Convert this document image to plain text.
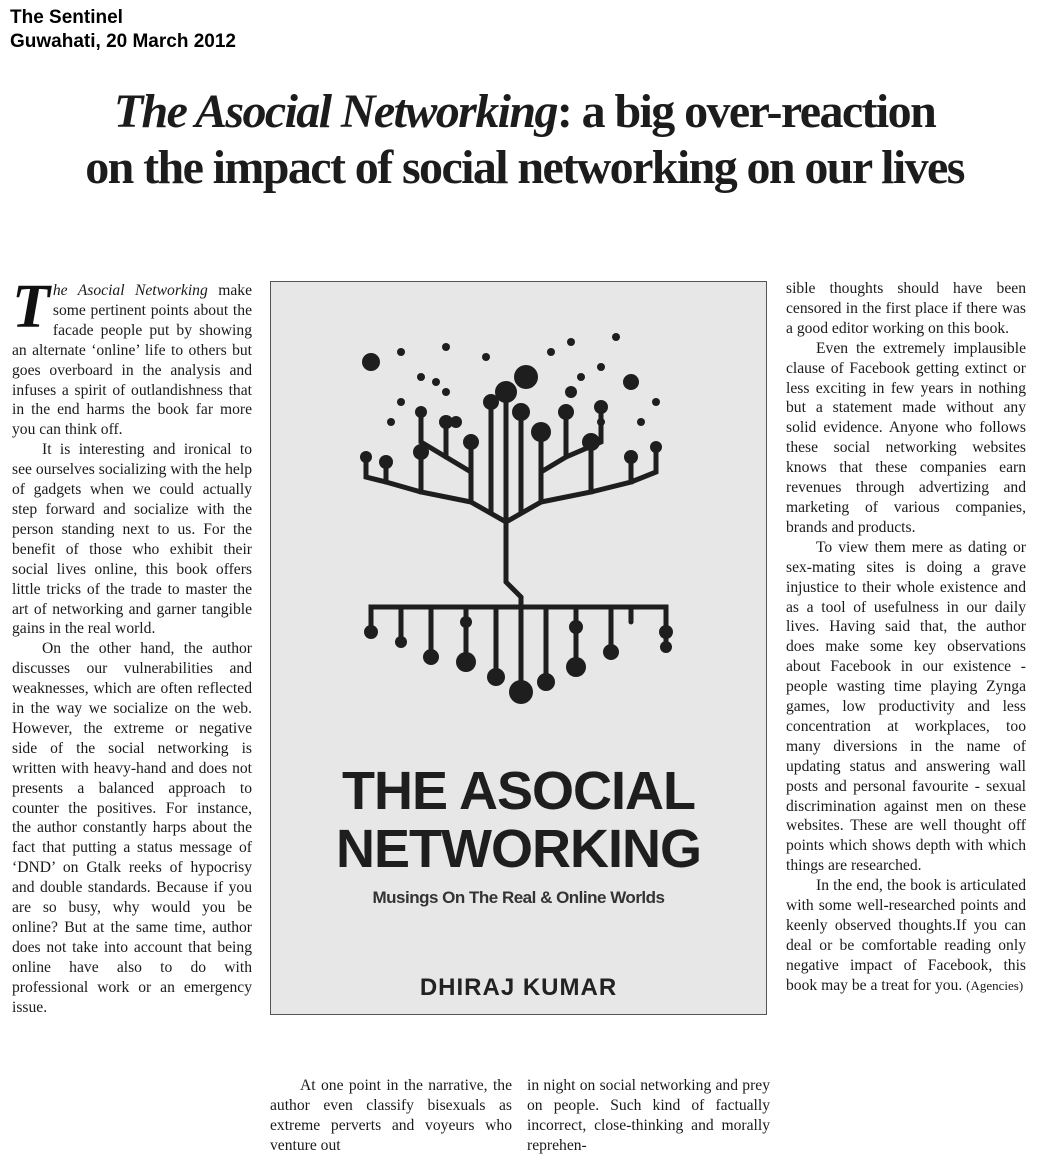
The Sentinel
Guwahati, 20 March 2012
The Asocial Networking: a big over-reaction
on the impact of social networking on our lives

The Asocial Networking make some pertinent points about the facade people put by showing an alternate ‘online’ life to others but goes overboard in the analysis and infuses a spirit of outlandishness that in the end harms the book far more you can think off.

It is interesting and ironical to see ourselves socializing with the help of gadgets when we could actually step forward and socialize with the person standing next to us. For the benefit of those who exhibit their social lives online, this book offers little tricks of the trade to master the art of networking and garner tangible gains in the real world.

On the other hand, the author discusses our vulnerabilities and weaknesses, which are often reflected in the way we socialize on the web. However, the extreme or negative side of the social networking is written with heavy-hand and does not presents a balanced approach to counter the positives. For instance, the author constantly harps about the fact that putting a status message of ‘DND’ on Gtalk reeks of hypocrisy and double standards. Because if you are so busy, why would you be online? But at the same time, author does not take into account that being online have also to do with professional work or an emergency issue.

THE ASOCIAL
NETWORKING
Musings On The Real & Online Worlds
DHIRAJ KUMAR

At one point in the narrative, the author even classify bisexuals as extreme perverts and voyeurs who venture out

in night on social networking and prey on people. Such kind of factually incorrect, close-thinking and morally reprehen-

sible thoughts should have been censored in the first place if there was a good editor working on this book.

Even the extremely implausible clause of Facebook getting extinct or less exciting in few years in nothing but a statement made without any solid evidence. Anyone who follows these social networking websites knows that these companies earn revenues through advertizing and marketing of various companies, brands and products.

To view them mere as dating or sex-mating sites is doing a grave injustice to their whole existence and as a tool of usefulness in our daily lives. Having said that, the author does make some key observations about Facebook in our existence - people wasting time playing Zynga games, low productivity and less concentration at workplaces, too many diversions in the name of updating status and answering wall posts and personal favourite - sexual discrimination against men on these websites. These are well thought off points which shows depth with which things are researched.

In the end, the book is articulated with some well-researched points and keenly observed thoughts.If you can deal or be comfortable reading only negative impact of Facebook, this book may be a treat for you. (Agencies)
